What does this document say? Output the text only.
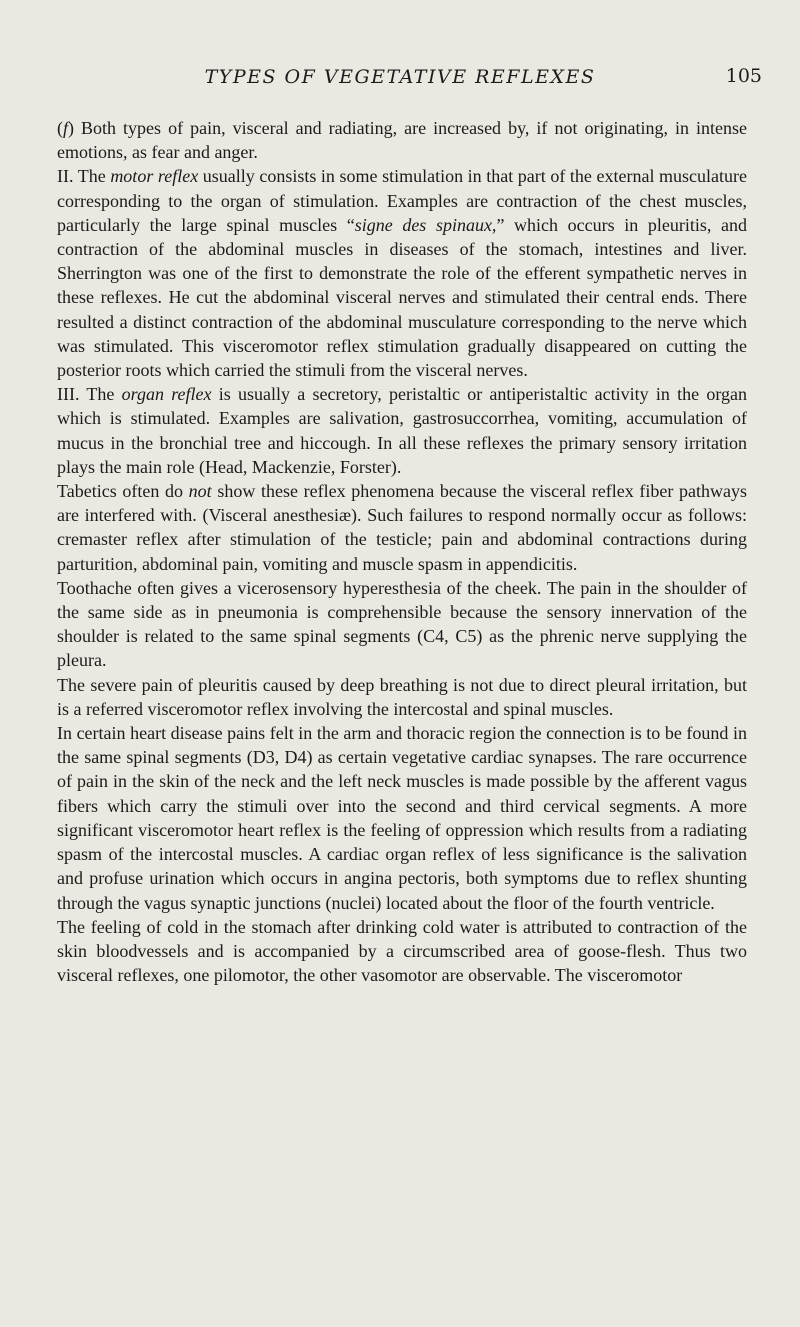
TYPES OF VEGETATIVE REFLEXES	105

(f) Both types of pain, visceral and radiating, are increased by, if not originating, in intense emotions, as fear and anger.

II. The motor reflex usually consists in some stimulation in that part of the external musculature corresponding to the organ of stimulation. Examples are contraction of the chest muscles, particularly the large spinal muscles “signe des spinaux,” which occurs in pleuritis, and contraction of the abdominal muscles in diseases of the stomach, intestines and liver. Sherrington was one of the first to demonstrate the role of the efferent sympathetic nerves in these reflexes. He cut the abdominal visceral nerves and stimulated their central ends. There resulted a distinct contraction of the abdominal musculature corresponding to the nerve which was stimulated. This visceromotor reflex stimulation gradually disappeared on cutting the posterior roots which carried the stimuli from the visceral nerves.

III. The organ reflex is usually a secretory, peristaltic or antiperistaltic activity in the organ which is stimulated. Examples are salivation, gastrosuccorrhea, vomiting, accumulation of mucus in the bronchial tree and hiccough. In all these reflexes the primary sensory irritation plays the main role (Head, Mackenzie, Forster).

Tabetics often do not show these reflex phenomena because the visceral reflex fiber pathways are interfered with. (Visceral anesthesiæ). Such failures to respond normally occur as follows: cremaster reflex after stimulation of the testicle; pain and abdominal contractions during parturition, abdominal pain, vomiting and muscle spasm in appendicitis.

Toothache often gives a vicerosensory hyperesthesia of the cheek. The pain in the shoulder of the same side as in pneumonia is comprehensible because the sensory innervation of the shoulder is related to the same spinal segments (C4, C5) as the phrenic nerve supplying the pleura.

The severe pain of pleuritis caused by deep breathing is not due to direct pleural irritation, but is a referred visceromotor reflex involving the intercostal and spinal muscles.

In certain heart disease pains felt in the arm and thoracic region the connection is to be found in the same spinal segments (D3, D4) as certain vegetative cardiac synapses. The rare occurrence of pain in the skin of the neck and the left neck muscles is made possible by the afferent vagus fibers which carry the stimuli over into the second and third cervical segments. A more significant visceromotor heart reflex is the feeling of oppression which results from a radiating spasm of the intercostal muscles. A cardiac organ reflex of less significance is the salivation and profuse urination which occurs in angina pectoris, both symptoms due to reflex shunting through the vagus synaptic junctions (nuclei) located about the floor of the fourth ventricle.

The feeling of cold in the stomach after drinking cold water is attributed to contraction of the skin bloodvessels and is accompanied by a circumscribed area of goose-flesh. Thus two visceral reflexes, one pilomotor, the other vasomotor are observable. The visceromotor
